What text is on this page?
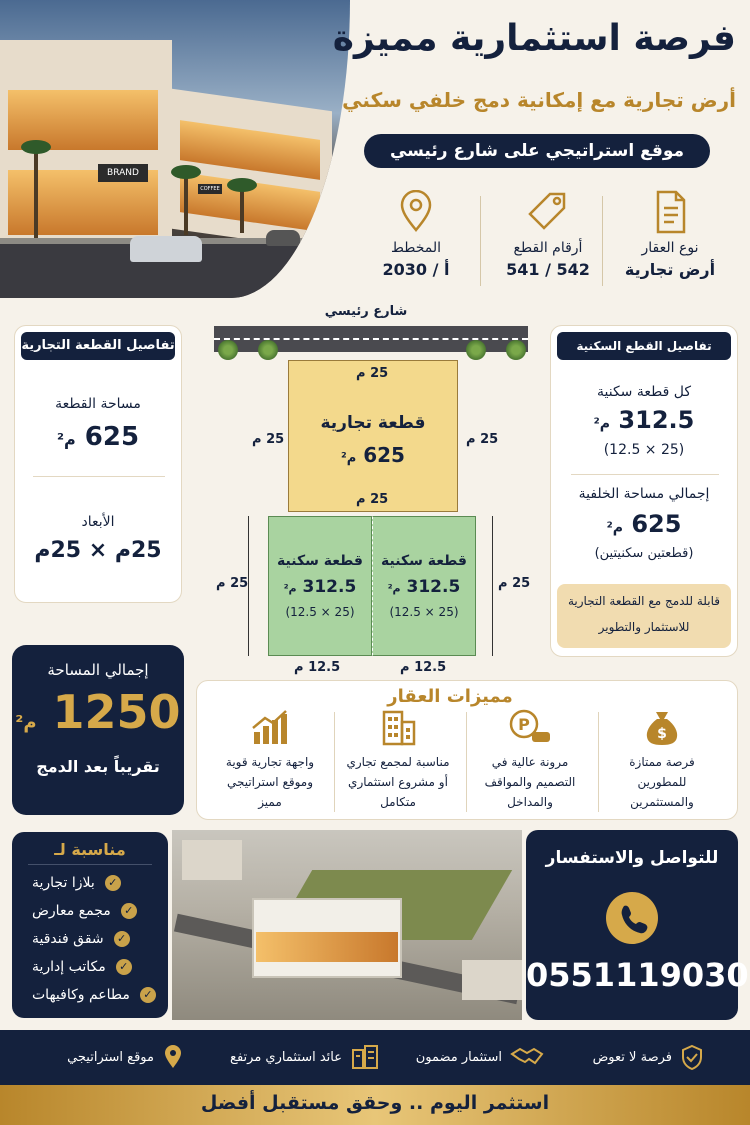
BRAND
COFFEE
فرصة استثمارية مميزة
أرض تجارية مع إمكانية دمج خلفي سكني
موقع استراتيجي على شارع رئيسي
نوع العقار
أرض تجارية
أرقام القطع
541 / 542
المخطط
2030 / أ
تفاصيل القطعة التجارية
مساحة القطعة
625 م²
الأبعاد
25م × 25م
شارع رئيسي
قطعة تجارية
625 م²
25 م
25 م
25 م	25 م
قطعة سكنية
312.5 م²
(12.5 × 25)
قطعة سكنية
312.5 م²
(12.5 × 25)
25 م	25 م
12.5 م	12.5 م
تفاصيل القطع السكنية الخلفية
كل قطعة سكنية
312.5 م²
(12.5 × 25)
إجمالي مساحة الخلفية
625 م²
(قطعتين سكنيتين)
قابلة للدمج مع القطعة التجارية
للاستثمار والتطوير
إجمالي المساحة
1250 م²
تقريباً بعد الدمج
مميزات العقار
$
فرصة ممتازة
للمطورين
والمستثمرين
P
مرونة عالية في
التصميم والمواقف
والمداخل
مناسبة لمجمع تجاري
أو مشروع استثماري
متكامل
واجهة تجارية قوية
وموقع استراتيجي
مميز
مناسبة لـ
✓
بلازا تجارية
✓
مجمع معارض
✓
شقق فندقية
✓
مكاتب إدارية
✓
مطاعم وكافيهات
للتواصل والاستفسار
0551119030
فرصة لا تعوض
استثمار مضمون
عائد استثماري مرتفع
موقع استراتيجي
استثمر اليوم .. وحقق مستقبل أفضل
